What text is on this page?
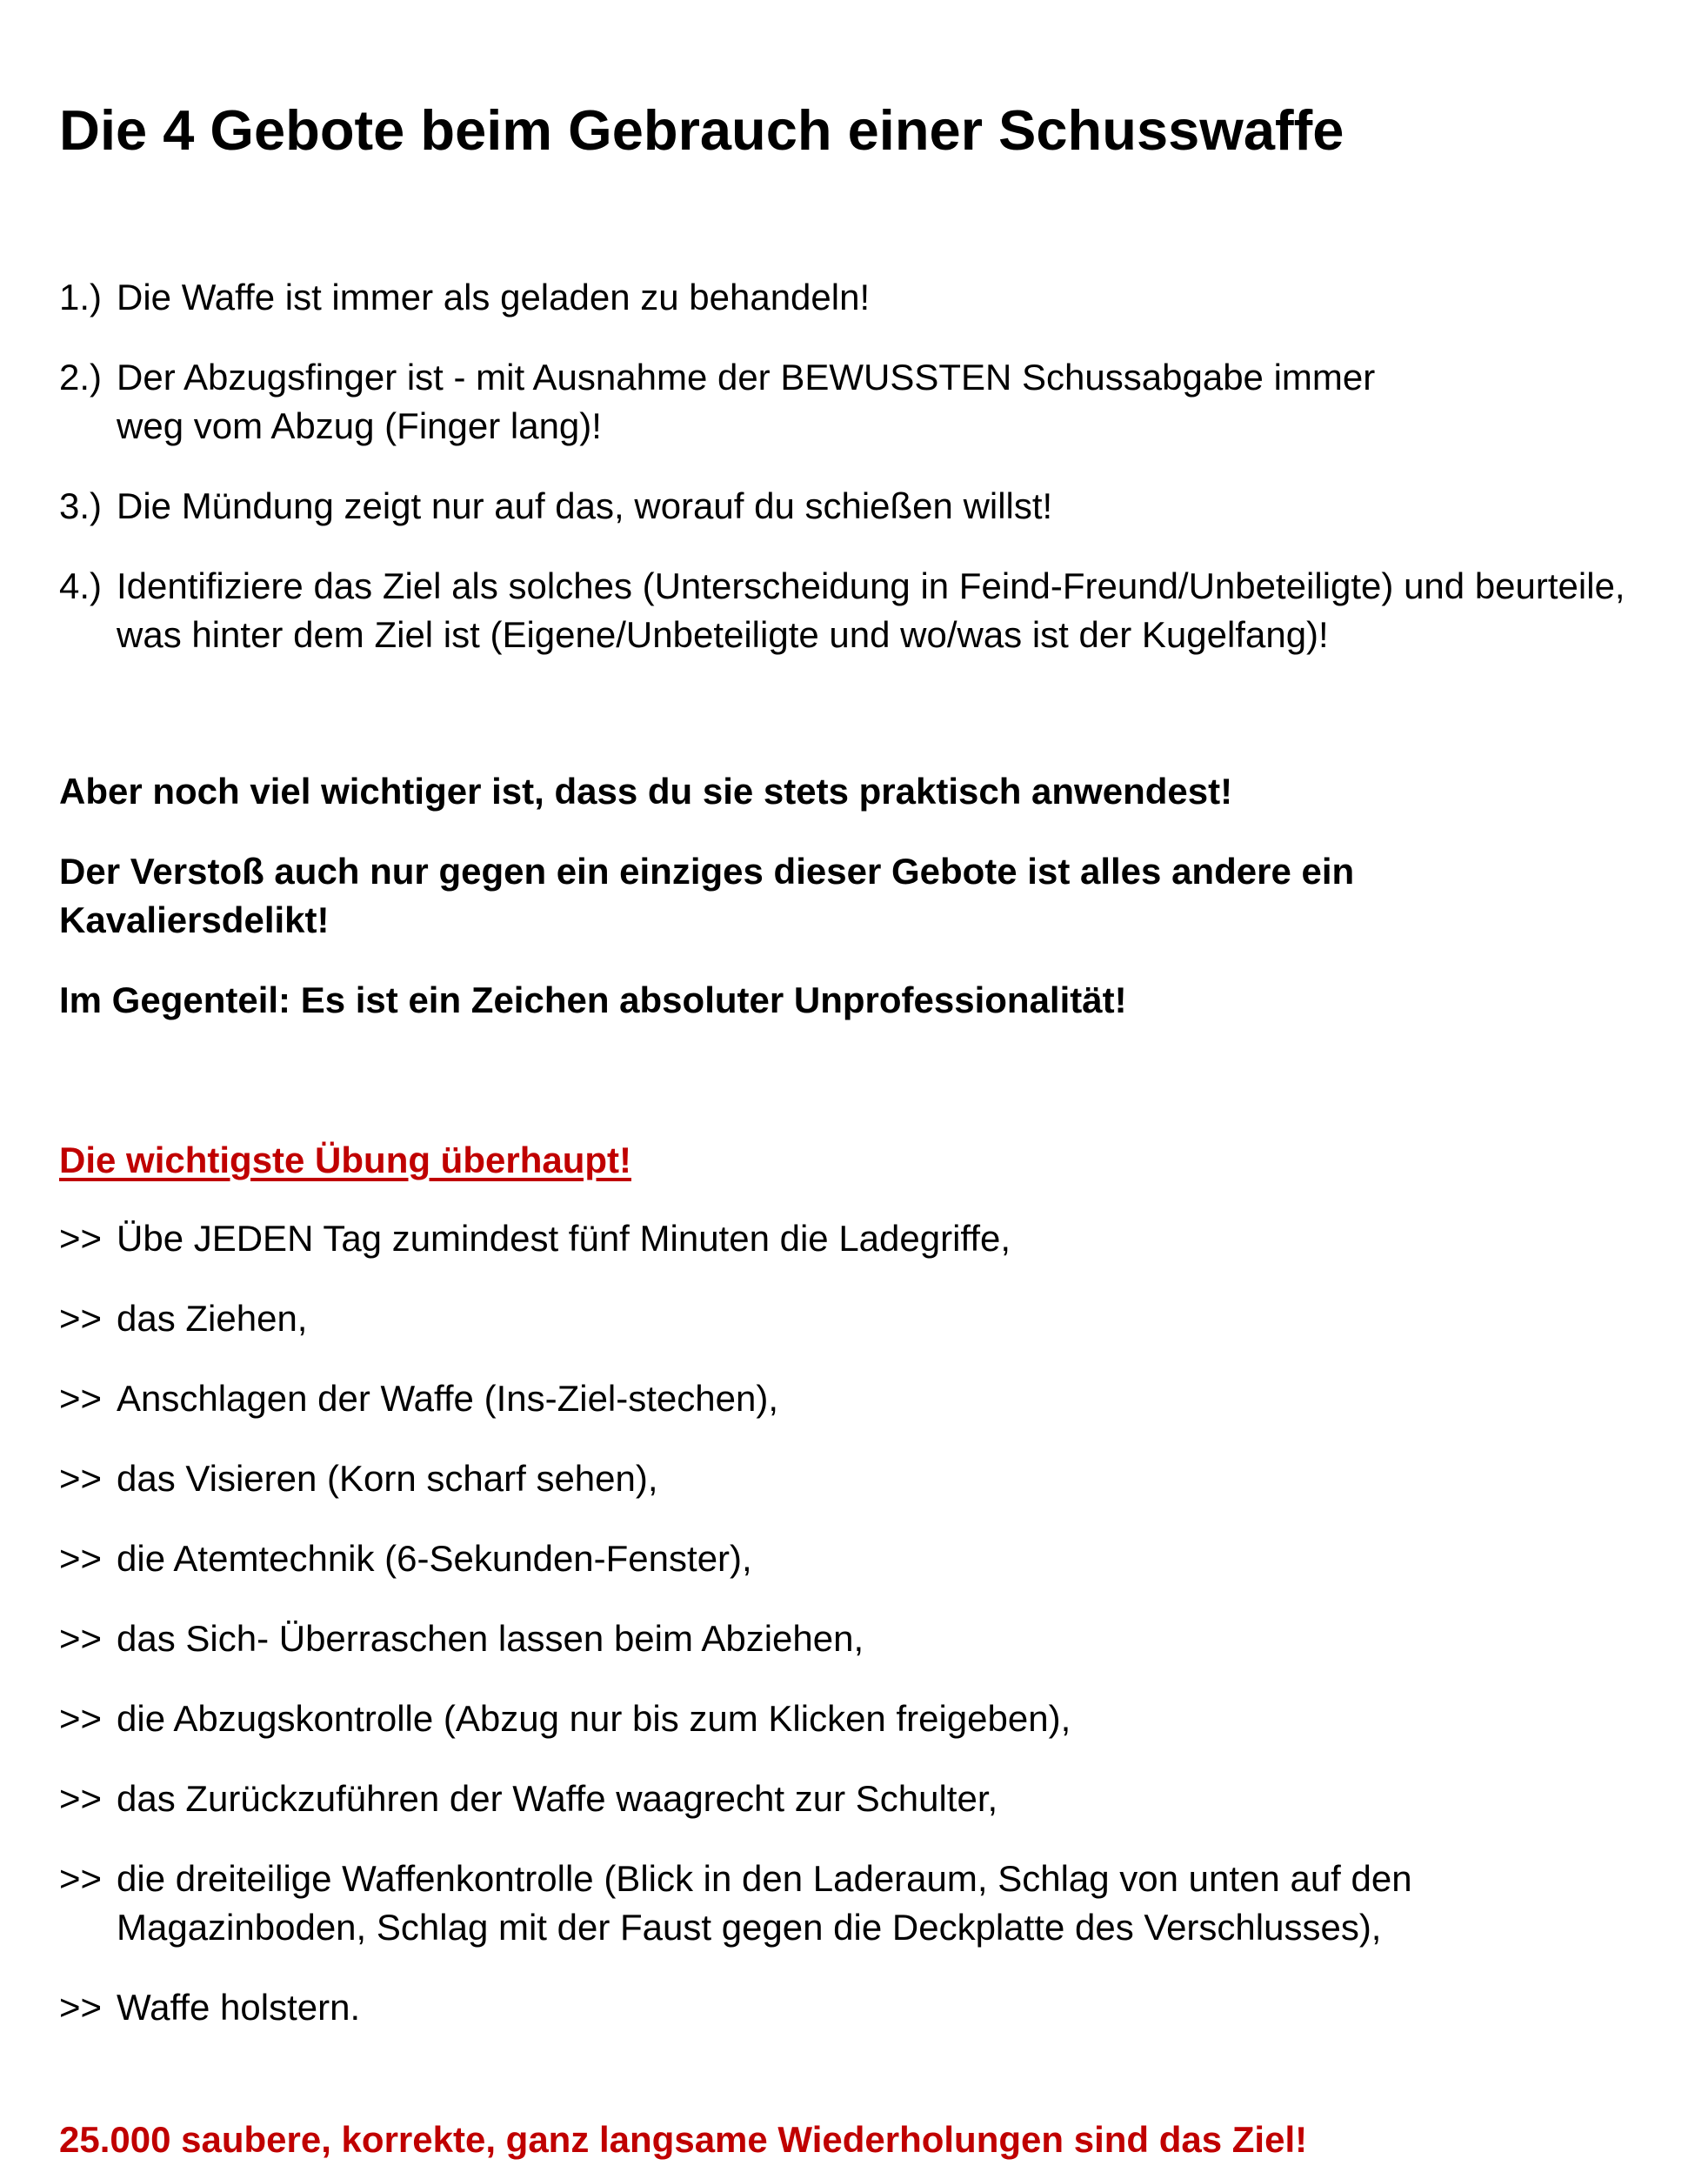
Die 4 Gebote beim Gebrauch einer Schusswaffe
1.) Die Waffe ist immer als geladen zu behandeln!
2.) Der Abzugsfinger ist - mit Ausnahme der BEWUSSTEN Schussabgabe immer weg vom Abzug (Finger lang)!
3.) Die Mündung zeigt nur auf das, worauf du schießen willst!
4.) Identifiziere das Ziel als solches (Unterscheidung in Feind-Freund/Unbeteiligte) und beurteile, was hinter dem Ziel ist (Eigene/Unbeteiligte und wo/was ist der Kugelfang)!

Aber noch viel wichtiger ist, dass du sie stets praktisch anwendest!

Der Verstoß auch nur gegen ein einziges dieser Gebote ist alles andere ein Kavaliersdelikt!

Im Gegenteil: Es ist ein Zeichen absoluter Unprofessionalität!

Die wichtigste Übung überhaupt!
>> Übe JEDEN Tag zumindest fünf Minuten die Ladegriffe,
>> das Ziehen,
>> Anschlagen der Waffe (Ins-Ziel-stechen),
>> das Visieren (Korn scharf sehen),
>> die Atemtechnik (6-Sekunden-Fenster),
>> das Sich- Überraschen lassen beim Abziehen,
>> die Abzugskontrolle (Abzug nur bis zum Klicken freigeben),
>> das Zurückzuführen der Waffe waagrecht zur Schulter,
>> die dreiteilige Waffenkontrolle (Blick in den Laderaum, Schlag von unten auf den Magazinboden, Schlag mit der Faust gegen die Deckplatte des Verschlusses),
>> Waffe holstern.

25.000 saubere, korrekte, ganz langsame Wiederholungen sind das Ziel!
